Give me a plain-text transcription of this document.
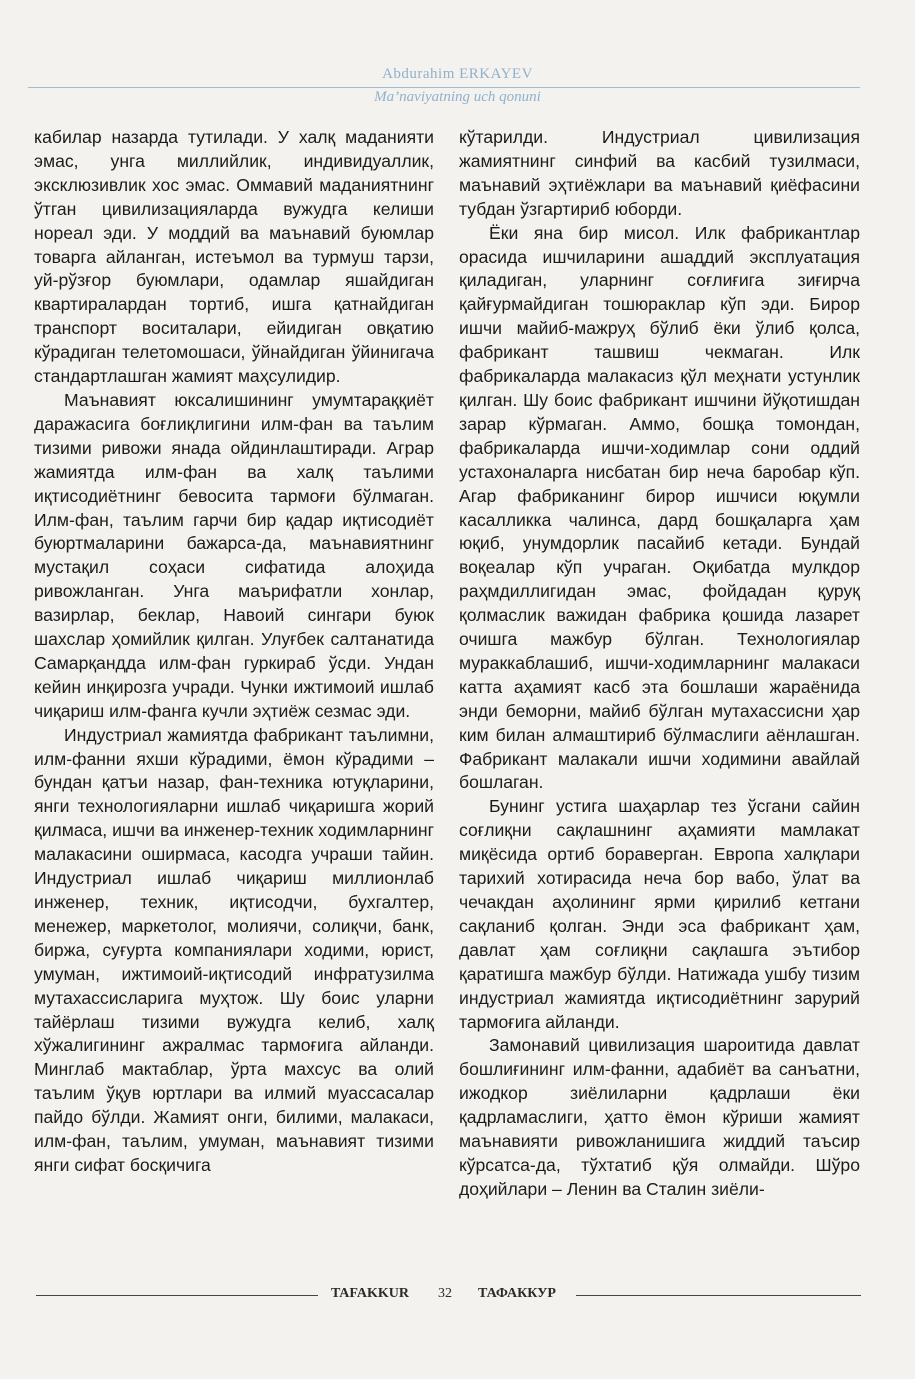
Abdurahim ERKAYEV
Ma’naviyatning uch qonuni

кабилар назарда тутилади. У халқ маданияти эмас, унга миллийлик, индивидуаллик, эксклюзивлик хос эмас. Оммавий маданиятнинг ўтган цивилизацияларда вужудга келиши нореал эди. У моддий ва маънавий буюмлар товарга айланган, истеъмол ва турмуш тарзи, уй-рўзғор буюмлари, одамлар яшайдиган квартиралардан тортиб, ишга қатнайдиган транспорт воситалари, ейидиган овқатию кўрадиган телетомошаси, ўйнайдиган ўйинигача стандартлашган жамият маҳсулидир.

Маънавият юксалишининг умумтараққиёт даражасига боғлиқлигини илм-фан ва таълим тизими ривожи янада ойдинлаштиради. Аграр жамиятда илм-фан ва халқ таълими иқтисодиётнинг бевосита тармоғи бўлмаган. Илм-фан, таълим гарчи бир қадар иқтисодиёт буюртмаларини бажарса-да, маънавиятнинг мустақил соҳаси сифатида алоҳида ривожланган. Унга маърифатли хонлар, вазирлар, беклар, Навоий сингари буюк шахслар ҳомийлик қилган. Улуғбек салтанатида Самарқандда илм-фан гуркираб ўсди. Ундан кейин инқирозга учради. Чунки ижтимоий ишлаб чиқариш илм-фанга кучли эҳтиёж сезмас эди.

Индустриал жамиятда фабрикант таълимни, илм-фанни яхши кўрадими, ёмон кўрадими – бундан қатъи назар, фан-техника ютуқларини, янги технологияларни ишлаб чиқаришга жорий қилмаса, ишчи ва инженер-техник ходимларнинг малакасини оширмаса, касодга учраши тайин. Индустриал ишлаб чиқариш миллионлаб инженер, техник, иқтисодчи, бухгалтер, менежер, маркетолог, молиячи, солиқчи, банк, биржа, суғурта компаниялари ходими, юрист, умуман, ижтимоий-иқтисодий инфратузилма мутахассисларига муҳтож. Шу боис уларни тайёрлаш тизими вужудга келиб, халқ хўжалигининг ажралмас тармоғига айланди. Минглаб мактаблар, ўрта махсус ва олий таълим ўқув юртлари ва илмий муассасалар пайдо бўлди. Жамият онги, билими, малакаси, илм-фан, таълим, умуман, маънавият тизими янги сифат босқичига

кўтарилди. Индустриал цивилизация жамиятнинг синфий ва касбий тузилмаси, маънавий эҳтиёжлари ва маънавий қиёфасини тубдан ўзгартириб юборди.

Ёки яна бир мисол. Илк фабрикантлар орасида ишчиларини ашаддий эксплуатация қиладиган, уларнинг соғлиғига зиғирча қайғурмайдиган тошюраклар кўп эди. Бирор ишчи майиб-мажруҳ бўлиб ёки ўлиб қолса, фабрикант ташвиш чекмаган. Илк фабрикаларда малакасиз қўл меҳнати устунлик қилган. Шу боис фабрикант ишчини йўқотишдан зарар кўрмаган. Аммо, бошқа томондан, фабрикаларда ишчи-ходимлар сони оддий устахоналарга нисбатан бир неча баробар кўп. Агар фабриканинг бирор ишчиси юқумли касалликка чалинса, дард бошқаларга ҳам юқиб, унумдорлик пасайиб кетади. Бундай воқеалар кўп учраган. Оқибатда мулкдор раҳмдиллигидан эмас, фойдадан қуруқ қолмаслик важидан фабрика қошида лазарет очишга мажбур бўлган. Технологиялар мураккаблашиб, ишчи-ходимларнинг малакаси катта аҳамият касб эта бошлаши жараёнида энди беморни, майиб бўлган мутахассисни ҳар ким билан алмаштириб бўлмаслиги аёнлашган. Фабрикант малакали ишчи ходимини авайлай бошлаган.

Бунинг устига шаҳарлар тез ўсгани сайин соғлиқни сақлашнинг аҳамияти мамлакат миқёсида ортиб бораверган. Европа халқлари тарихий хотирасида неча бор вабо, ўлат ва чечакдан аҳолининг ярми қирилиб кетгани сақланиб қолган. Энди эса фабрикант ҳам, давлат ҳам соғлиқни сақлашга эътибор қаратишга мажбур бўлди. Натижада ушбу тизим индустриал жамиятда иқтисодиётнинг зарурий тармоғига айланди.

Замонавий цивилизация шароитида давлат бошлиғининг илм-фанни, адабиёт ва санъатни, ижодкор зиёлиларни қадрлаши ёки қадрламаслиги, ҳатто ёмон кўриши жамият маънавияти ривожланишига жиддий таъсир кўрсатса-да, тўхтатиб қўя олмайди. Шўро доҳийлари – Ленин ва Сталин зиёли-

TAFAKKUR 32 ТАФАККУР
